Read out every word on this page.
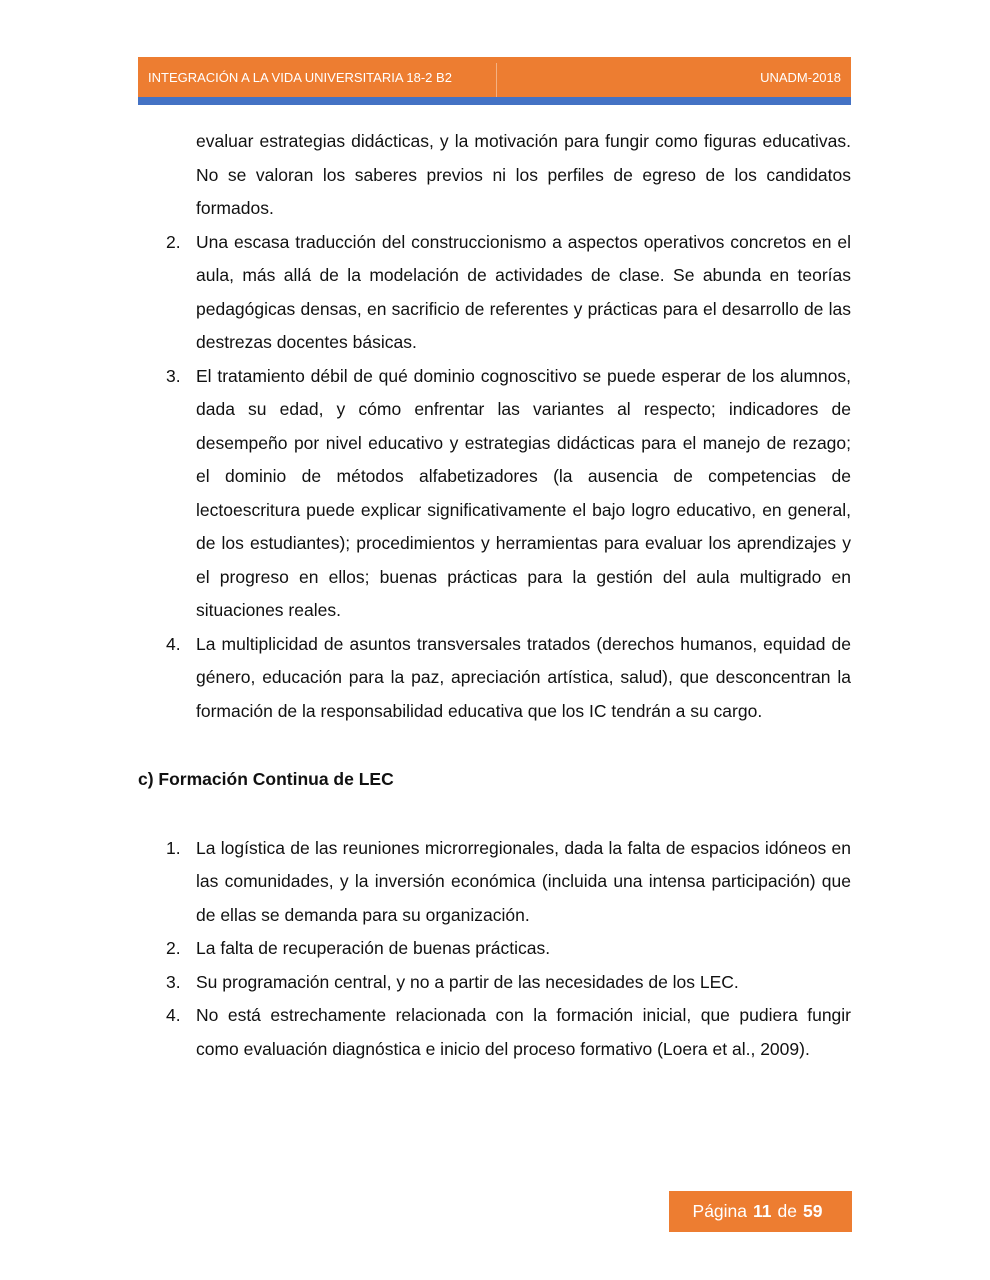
INTEGRACIÓN A LA VIDA UNIVERSITARIA 18-2 B2	UNADM-2018

evaluar estrategias didácticas, y la motivación para fungir como figuras educativas. No se valoran los saberes previos ni los perfiles de egreso de los candidatos formados.

2. Una escasa traducción del construccionismo a aspectos operativos concretos en el aula, más allá de la modelación de actividades de clase. Se abunda en teorías pedagógicas densas, en sacrificio de referentes y prácticas para el desarrollo de las destrezas docentes básicas.
3. El tratamiento débil de qué dominio cognoscitivo se puede esperar de los alumnos, dada su edad, y cómo enfrentar las variantes al respecto; indicadores de desempeño por nivel educativo y estrategias didácticas para el manejo de rezago; el dominio de métodos alfabetizadores (la ausencia de competencias de lectoescritura puede explicar significativamente el bajo logro educativo, en general, de los estudiantes); procedimientos y herramientas para evaluar los aprendizajes y el progreso en ellos; buenas prácticas para la gestión del aula multigrado en situaciones reales.
4. La multiplicidad de asuntos transversales tratados (derechos humanos, equidad de género, educación para la paz, apreciación artística, salud), que desconcentran la formación de la responsabilidad educativa que los IC tendrán a su cargo.

c) Formación Continua de LEC

1. La logística de las reuniones microrregionales, dada la falta de espacios idóneos en las comunidades, y la inversión económica (incluida una intensa participación) que de ellas se demanda para su organización.
2. La falta de recuperación de buenas prácticas.
3. Su programación central, y no a partir de las necesidades de los LEC.
4. No está estrechamente relacionada con la formación inicial, que pudiera fungir como evaluación diagnóstica e inicio del proceso formativo (Loera et al., 2009).
Página 11 de 59
